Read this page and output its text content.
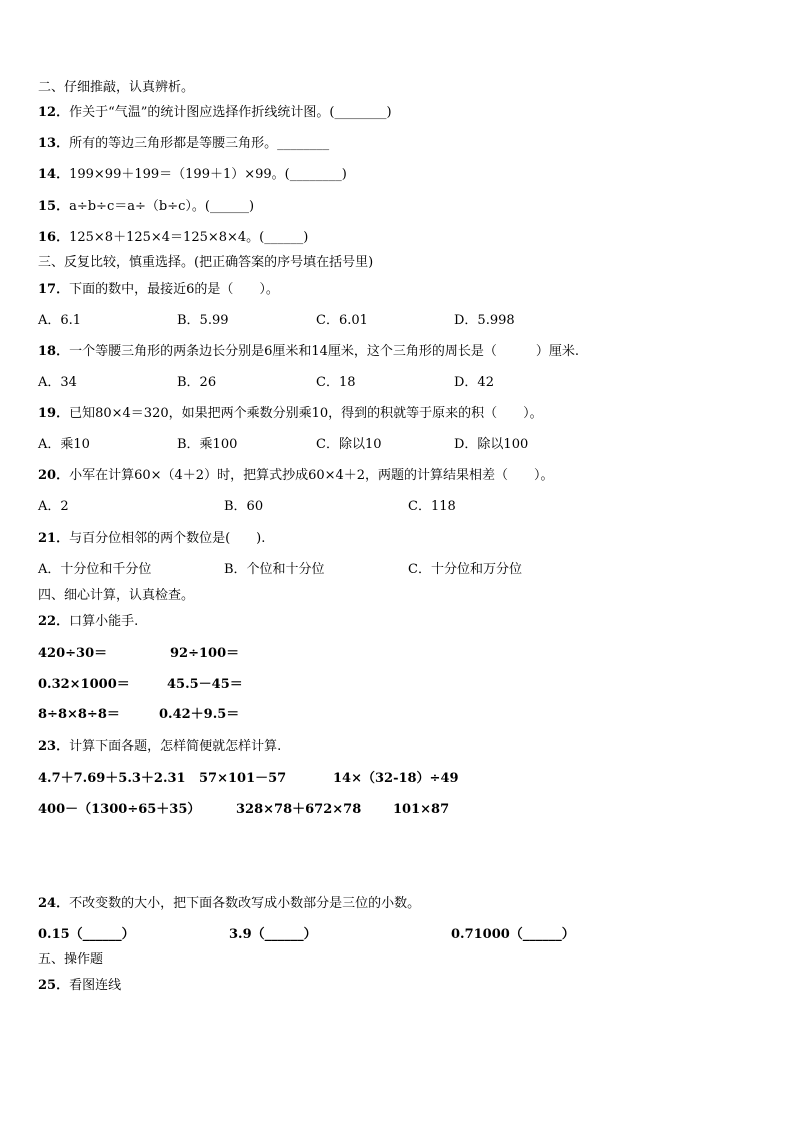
二、仔细推敲，认真辨析。
12．作关于“气温”的统计图应选择作折线统计图。(________)
13．所有的等边三角形都是等腰三角形。________
14．199×99＋199＝（199＋1）×99。(________)
15．a÷b÷c＝a÷（b÷c）。(______)
16．125×8＋125×4＝125×8×4。(______)
三、反复比较，慎重选择。(把正确答案的序号填在括号里)
17．下面的数中，最接近6的是（　　）。
A．6.1	B．5.99	C．6.01	D．5.998
18．一个等腰三角形的两条边长分别是6厘米和14厘米，这个三角形的周长是（　　　）厘米.
A．34	B．26	C．18	D．42
19．已知80×4＝320，如果把两个乘数分别乘10，得到的积就等于原来的积（　　）。
A．乘10	B．乘100	C．除以10	D．除以100
20．小军在计算60×（4＋2）时，把算式抄成60×4＋2，两题的计算结果相差（　　）。
A．2	B．60	C．118
21．与百分位相邻的两个数位是(　　).
A．十分位和千分位	B．个位和十分位	C．十分位和万分位
四、细心计算，认真检查。
22．口算小能手.
420÷30＝	92÷100＝
0.32×1000＝	45.5－45＝
8÷8×8÷8＝	0.42＋9.5＝
23．计算下面各题，怎样简便就怎样计算.
4.7＋7.69＋5.3＋2.31 57×101－57	14×（32-18）÷49
400－（1300÷65＋35）	328×78＋672×78 101×87
24．不改变数的大小，把下面各数改写成小数部分是三位的小数。
0.15（______）	3.9（______）	0.71000（______）
五、操作题
25．看图连线
